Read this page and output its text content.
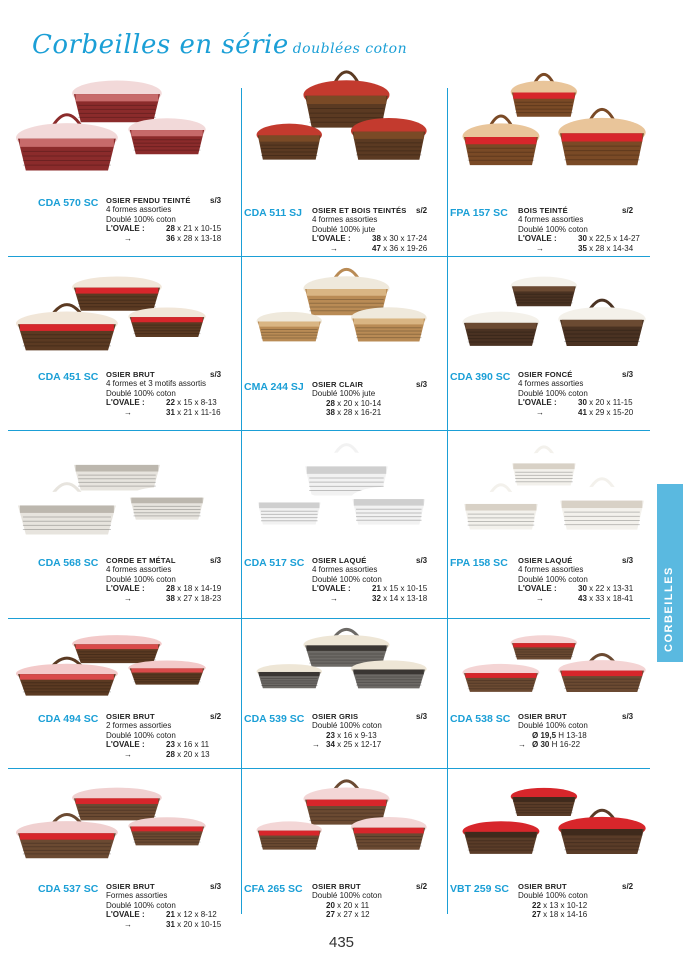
Corbeilles en série doublées coton
CDA 570 SC OSIER FENDU TEINTÉ	s/3
4 formes assorties
Doublé 100% coton
L'OVALE :	28 x 21 x 10-15
→	36 x 28 x 13-18
CDA 511 SJ OSIER ET BOIS TEINTÉS	s/2
4 formes assorties
Doublé 100% jute
L'OVALE :	38 x 30 x 17-24
→	47 x 36 x 19-26
FPA 157 SC BOIS TEINTÉ	s/2
4 formes assorties
Doublé 100% coton
L'OVALE :	30 x 22,5 x 14-27
→	35 x 28 x 14-34
CDA 451 SC OSIER BRUT	s/3
4 formes et 3 motifs assortis
Doublé 100% coton
L'OVALE :	22 x 15 x 8-13
→	31 x 21 x 11-16
CMA 244 SJ OSIER CLAIR	s/3
Doublé 100% jute
28 x 20 x 10-14
38 x 28 x 16-21
CDA 390 SC OSIER FONCÉ	s/3
4 formes assorties
Doublé 100% coton
L'OVALE :	30 x 20 x 11-15
→	41 x 29 x 15-20
CDA 568 SC CORDE ET MÉTAL	s/3
4 formes assorties
Doublé 100% coton
L'OVALE :	28 x 18 x 14-19
→	38 x 27 x 18-23
CDA 517 SC OSIER LAQUÉ	s/3
4 formes assorties
Doublé 100% coton
L'OVALE :	21 x 15 x 10-15
→	32 x 14 x 13-18
FPA 158 SC OSIER LAQUÉ	s/3
4 formes assorties
Doublé 100% coton
L'OVALE :	30 x 22 x 13-31
→	43 x 33 x 18-41
CDA 494 SC OSIER BRUT	s/2
2 formes assorties
Doublé 100% coton
L'OVALE :	23 x 16 x 11
→	28 x 20 x 13
CDA 539 SC OSIER GRIS	s/3
Doublé 100% coton
23 x 16 x 9-13
→ 34 x 25 x 12-17
CDA 538 SC OSIER BRUT	s/3
Doublé 100% coton
Ø 19,5 H 13-18
→ Ø 30 H 16-22
CDA 537 SC OSIER BRUT	s/3
Formes assorties
Doublé 100% coton
L'OVALE :	21 x 12 x 8-12
→	31 x 20 x 10-15
CFA 265 SC OSIER BRUT	s/2
Doublé 100% coton
20 x 20 x 11
27 x 27 x 12
VBT 259 SC OSIER BRUT	s/2
Doublé 100% coton
22 x 13 x 10-12
27 x 18 x 14-16
CORBEILLES
435
